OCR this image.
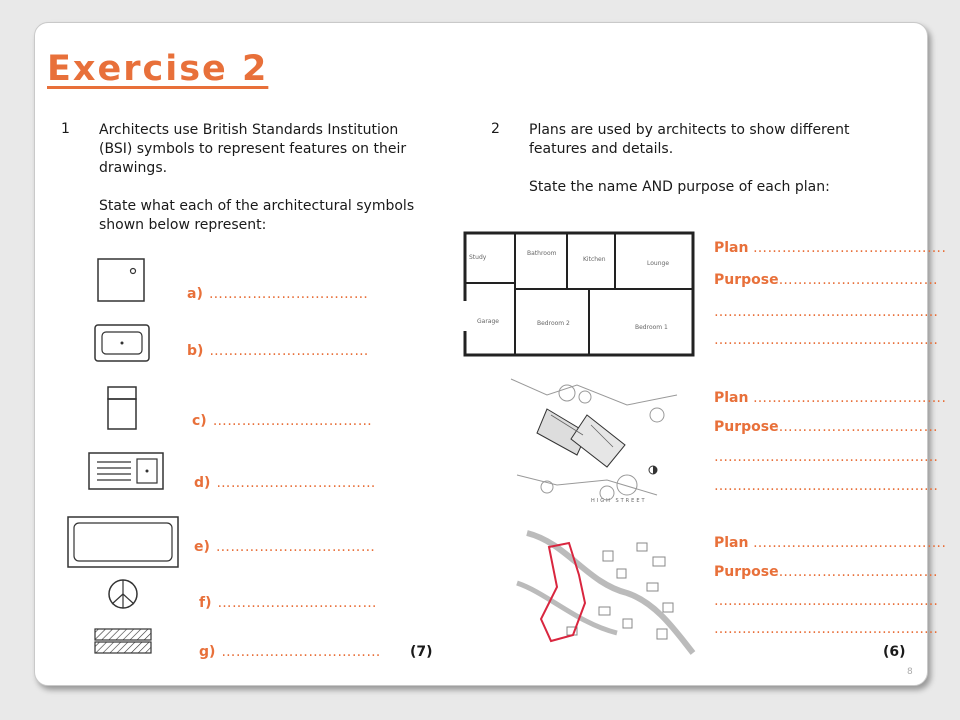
Exercise 2
1 Architects use British Standards Institution
(BSI) symbols to represent features on their
drawings.

State what each of the architectural symbols
shown below represent:
a) ……………………………
b) ……………………………
c) ……………………………
d) ……………………………
e) ……………………………
f) ……………………………
g) …………………………… (7)
2 Plans are used by architects to show different
features and details.

State the name AND purpose of each plan:
Study
Bathroom
Kitchen
Lounge
Garage	Bedroom 2
Bedroom 1
HIGH STREET
Plan ………………………………….
Purpose……………………………
…………………………………………
…………………………………………
Plan ………………………………….
Purpose……………………………
…………………………………………
…………………………………………
Plan ………………………………….
Purpose……………………………
…………………………………………
…………………………………………
(6)
8
